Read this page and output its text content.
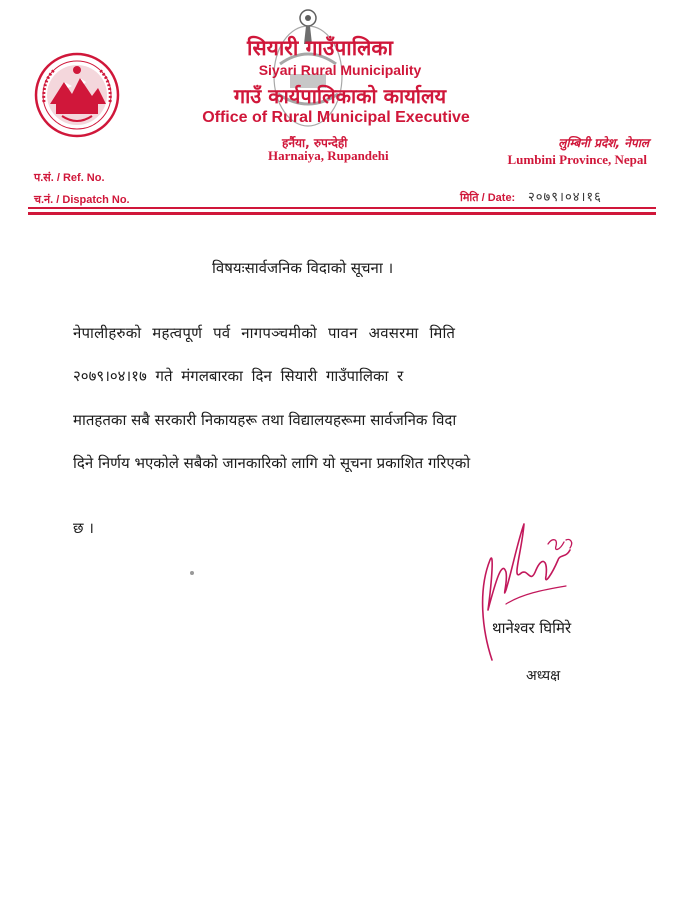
सियारी गाउँपालिका
Siyari Rural Municipality
गाउँ कार्यपालिकाको कार्यालय
Office of Rural Municipal Executive
हर्नैया, रुपन्देही
Harnaiya, Rupandehi
लुम्बिनी प्रदेश, नेपाल
Lumbini Province, Nepal
प.सं. / Ref. No.
च.नं. / Dispatch No.	मिति / Date: २०७९।०४।१६
विषयःसार्वजनिक विदाको सूचना ।
नेपालीहरुको महत्वपूर्ण पर्व नागपञ्चमीको पावन अवसरमा मिति
२०७९।०४।१७ गते मंगलबारका दिन सियारी गाउँपालिका र
मातहतका सबै सरकारी निकायहरू तथा विद्यालयहरूमा सार्वजनिक विदा
दिने निर्णय भएकोले सबैको जानकारिको लागि यो सूचना प्रकाशित गरिएको
छ ।
थानेश्वर घिमिरे
अध्यक्ष
